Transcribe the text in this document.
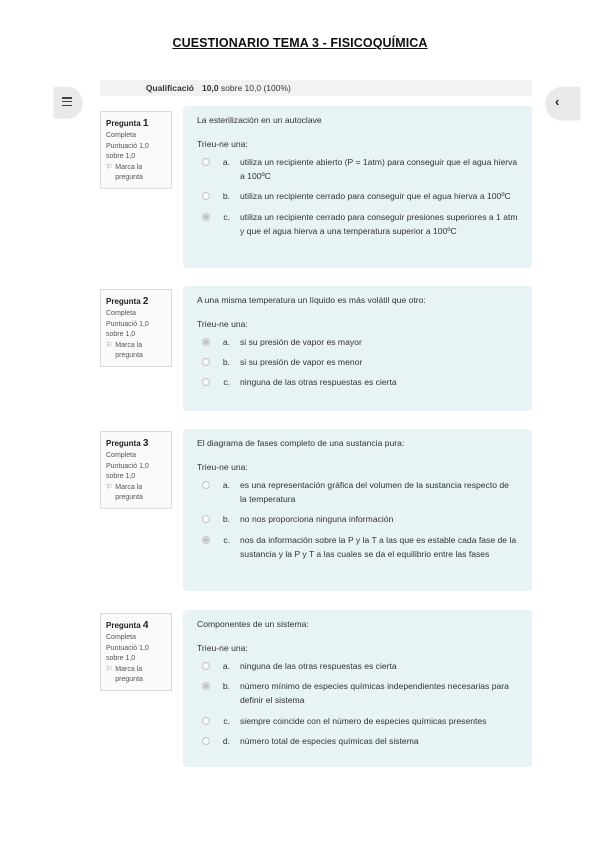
CUESTIONARIO TEMA 3 - FISICOQUÍMICA
Qualificació 10,0 sobre 10,0 (100%)
‹
Pregunta 1
Completa
Puntuació 1,0 sobre 1,0
⚐ Marca la pregunta
La esterilización en un autoclave
Trieu-ne una:
a. utiliza un recipiente abierto (P = 1atm) para conseguir que el agua hierva a 100ºC
b. utiliza un recipiente cerrado para conseguir que el agua hierva a 100ºC
c. utiliza un recipiente cerrado para conseguir presiones superiores a 1 atm y que el agua hierva a una temperatura superior a 100ºC
Pregunta 2
Completa
Puntuació 1,0 sobre 1,0
⚐ Marca la pregunta
A una misma temperatura un líquido es más volátil que otro:
Trieu-ne una:
a. si su presión de vapor es mayor
b. si su presión de vapor es menor
c. ninguna de las otras respuestas es cierta
Pregunta 3
Completa
Puntuació 1,0 sobre 1,0
⚐ Marca la pregunta
El diagrama de fases completo de una sustancia pura:
Trieu-ne una:
a. es una representación gráfica del volumen de la sustancia respecto de la temperatura
b. no nos proporciona ninguna información
c. nos da información sobre la P y la T a las que es estable cada fase de la sustancia y la P y T a las cuales se da el equilibrio entre las fases
Pregunta 4
Completa
Puntuació 1,0 sobre 1,0
⚐ Marca la pregunta
Componentes de un sistema:
Trieu-ne una:
a. ninguna de las otras respuestas es cierta
b. número mínimo de especies químicas independientes necesarias para definir el sistema
c. siempre coincide con el número de especies químicas presentes
d. número total de especies químicas del sistema
